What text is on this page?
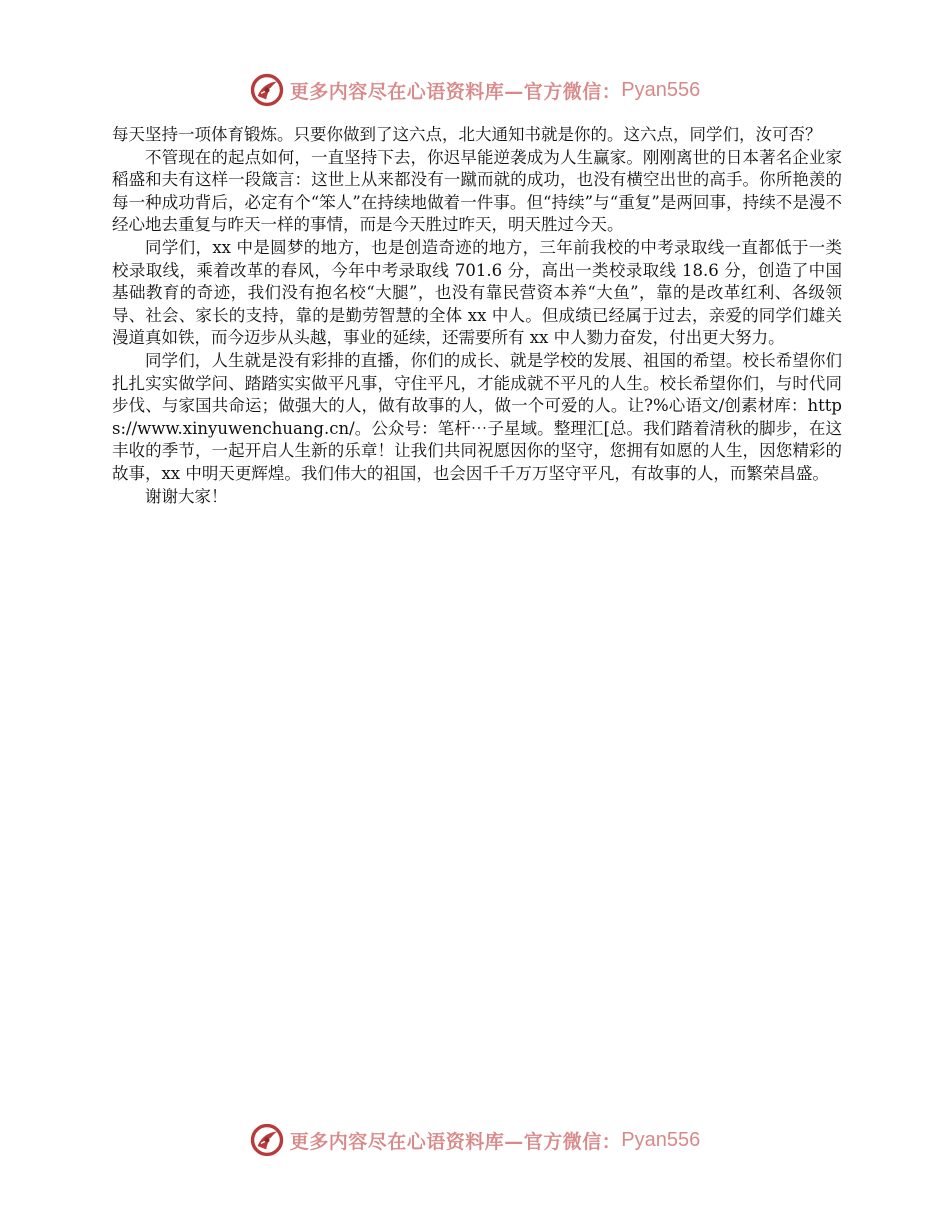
更多内容尽在心语资料库—官方微信： Pyan556

每天坚持一项体育锻炼。只要你做到了这六点，北大通知书就是你的。这六点，同学们，汝可否？

不管现在的起点如何，一直坚持下去，你迟早能逆袭成为人生赢家。刚刚离世的日本著名企业家稻盛和夫有这样一段箴言：这世上从来都没有一蹴而就的成功，也没有横空出世的高手。你所艳羡的每一种成功背后，必定有个“笨人”在持续地做着一件事。但“持续”与“重复”是两回事，持续不是漫不经心地去重复与昨天一样的事情，而是今天胜过昨天，明天胜过今天。

同学们，xx 中是圆梦的地方，也是创造奇迹的地方，三年前我校的中考录取线一直都低于一类校录取线，乘着改革的春风，今年中考录取线 701.6 分，高出一类校录取线 18.6 分，创造了中国基础教育的奇迹，我们没有抱名校“大腿”，也没有靠民营资本养“大鱼”，靠的是改革红利、各级领导、社会、家长的支持，靠的是勤劳智慧的全体 xx 中人。但成绩已经属于过去，亲爱的同学们雄关漫道真如铁，而今迈步从头越，事业的延续，还需要所有 xx 中人勠力奋发，付出更大努力。

同学们，人生就是没有彩排的直播，你们的成长、就是学校的发展、祖国的希望。校长希望你们扎扎实实做学问、踏踏实实做平凡事，守住平凡，才能成就不平凡的人生。校长希望你们，与时代同步伐、与家国共命运；做强大的人，做有故事的人，做一个可爱的人。让?%心语文/创素材库：https://www.xinyuwenchuang.cn/。公众号：笔杆⋯子星域。整理汇[总。我们踏着清秋的脚步，在这丰收的季节，一起开启人生新的乐章！让我们共同祝愿因你的坚守，您拥有如愿的人生，因您精彩的故事，xx 中明天更辉煌。我们伟大的祖国，也会因千千万万坚守平凡，有故事的人，而繁荣昌盛。

谢谢大家！

更多内容尽在心语资料库—官方微信： Pyan556
